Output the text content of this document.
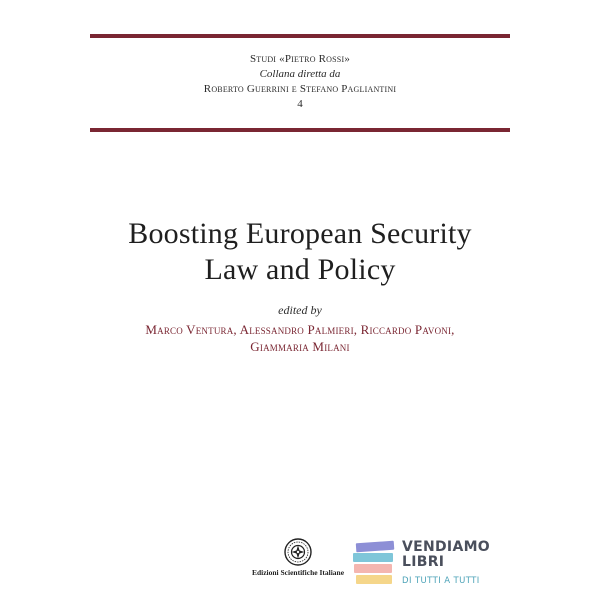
Studi «Pietro Rossi»
Collana diretta da
Roberto Guerrini e Stefano Pagliantini
4
Boosting European Security
Law and Policy
edited by
Marco Ventura, Alessandro Palmieri, Riccardo Pavoni,
Giammaria Milani
Edizioni Scientifiche Italiane
VENDIAMO
LIBRI
DI TUTTI A TUTTI
